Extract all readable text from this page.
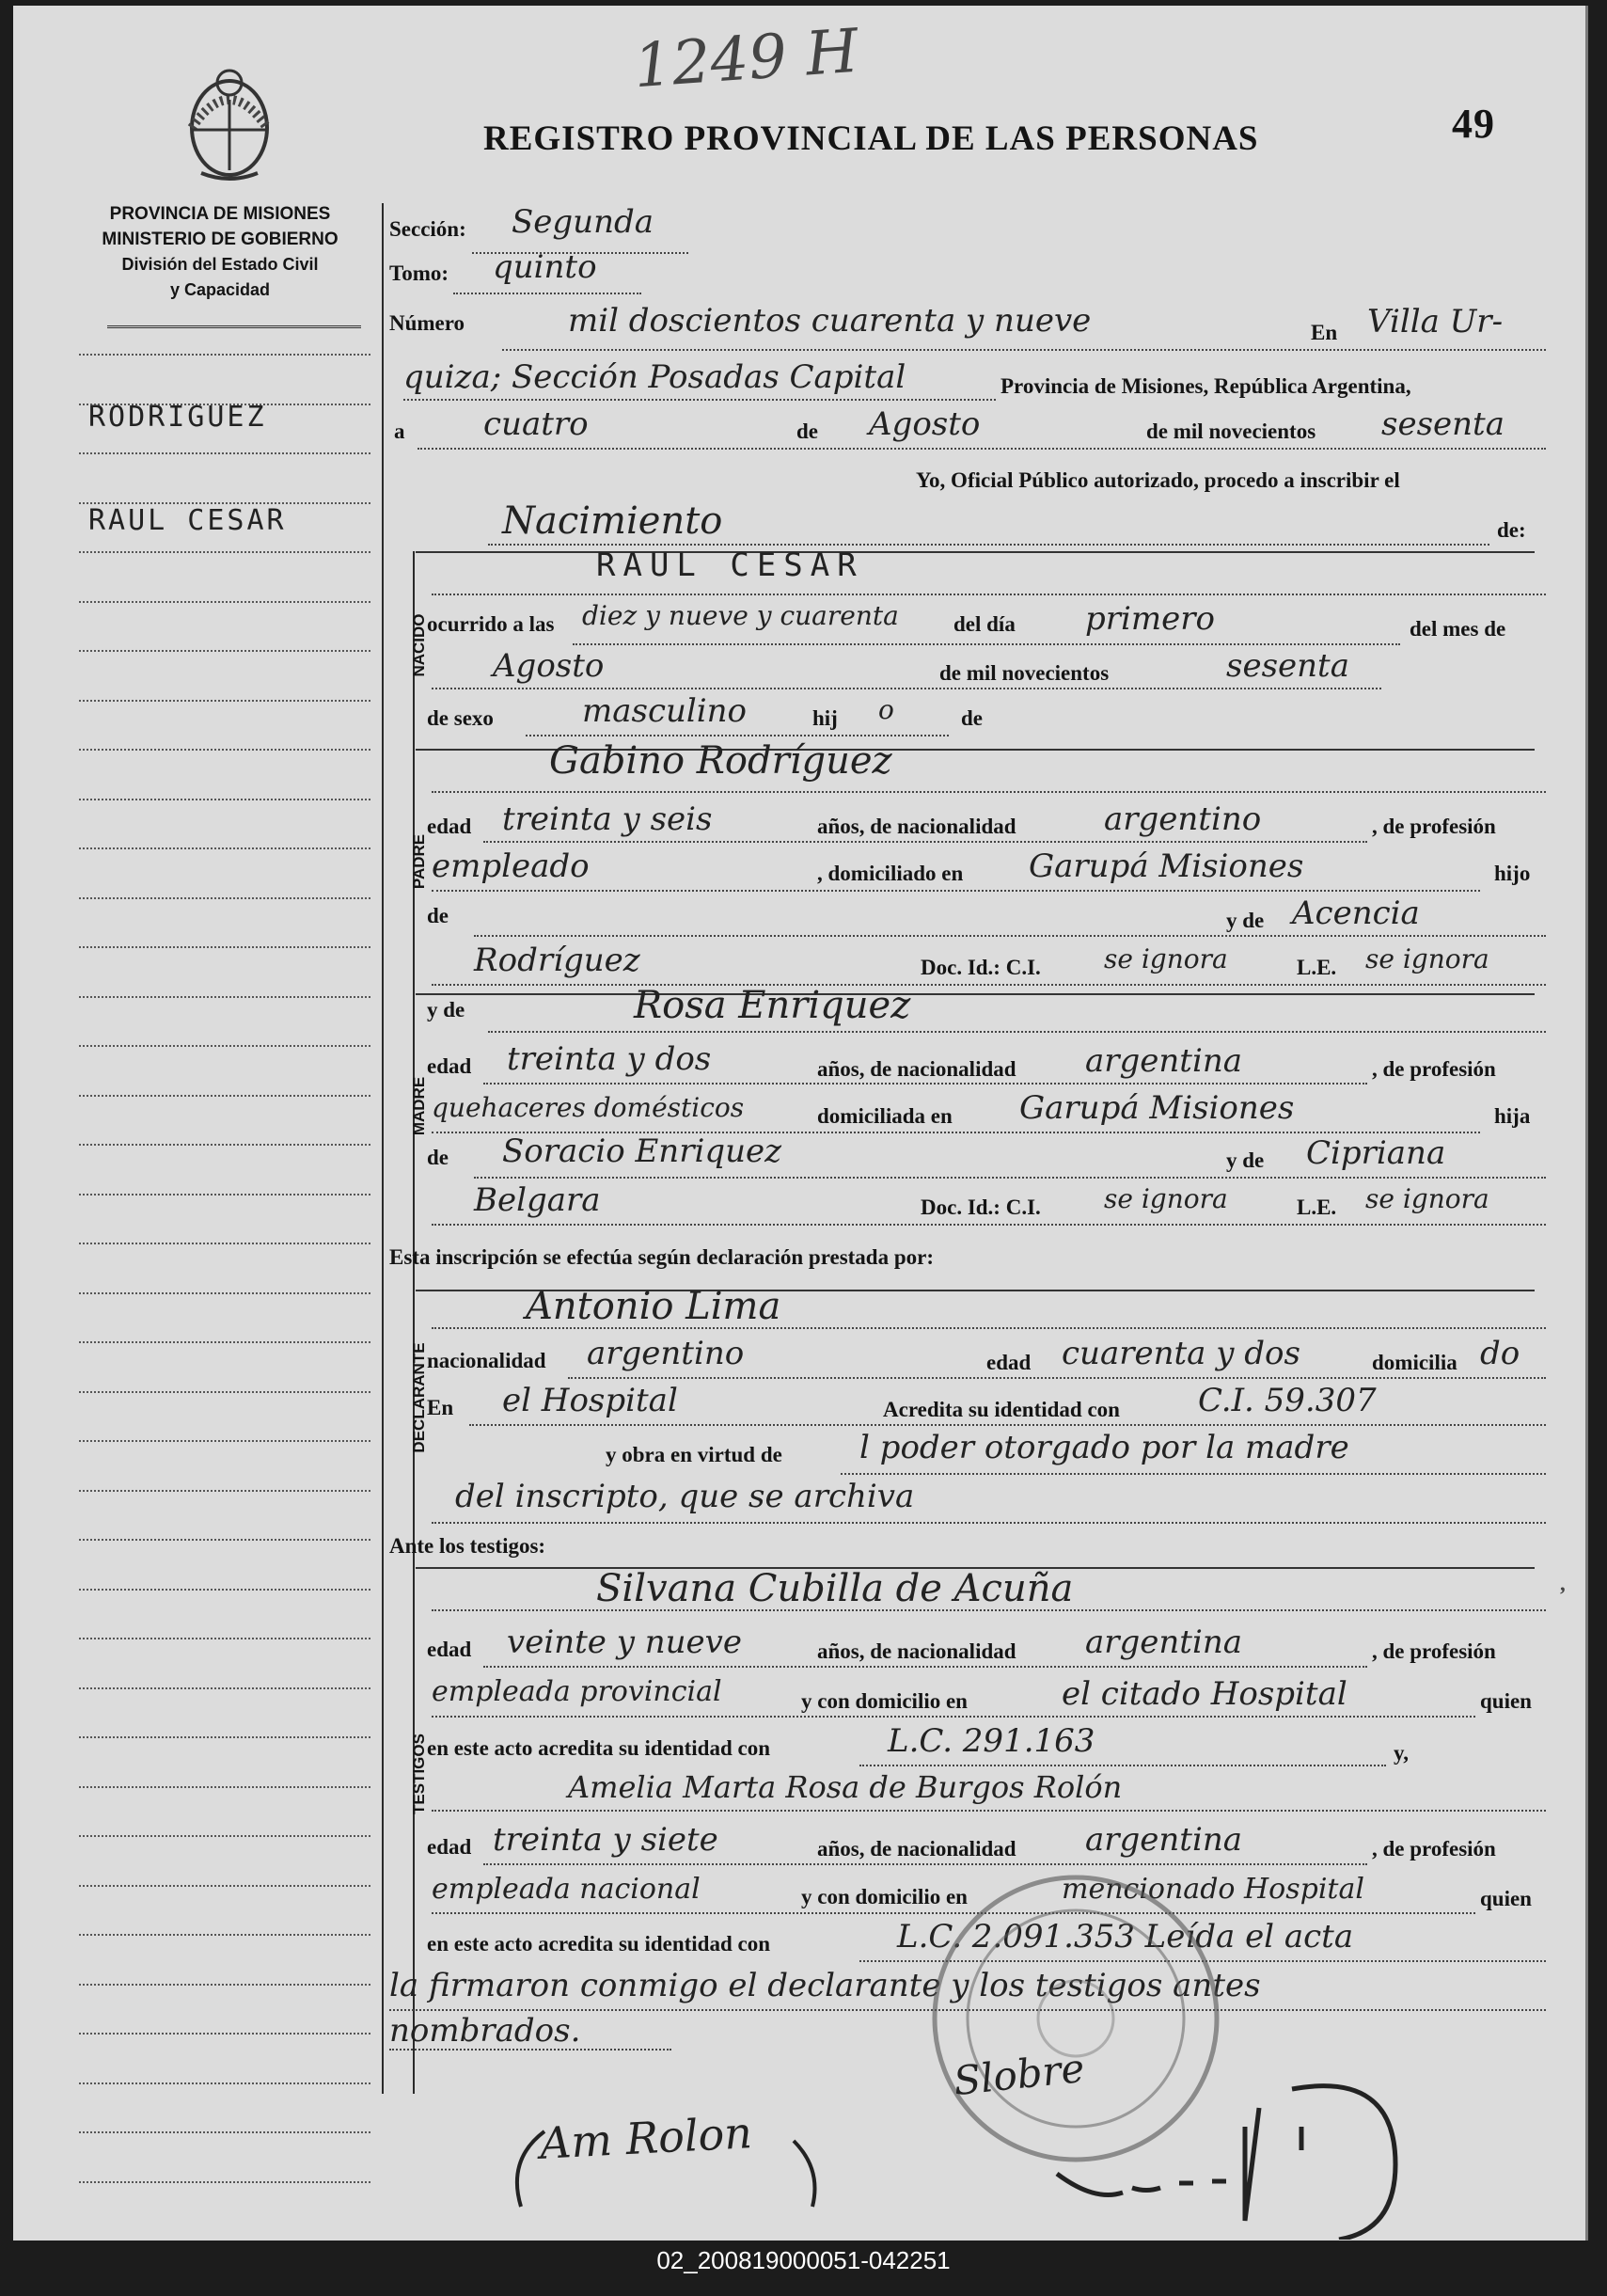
1249 H
REGISTRO PROVINCIAL DE LAS PERSONAS	49
PROVINCIA DE MISIONES
MINISTERIO DE GOBIERNO
División del Estado Civil
y Capacidad
RODRIGUEZ
RAUL CESAR
NACIDO
PADRE
MADRE
DECLARANTE
TESTIGOS
Sección: Segunda
Tomo: quinto
Número	mil doscientos cuarenta y nueve	En Villa Ur-
quiza; Sección Posadas Capital	Provincia de Misiones, República Argentina,
a cuatro	de Agosto	de mil novecientos sesenta
Yo, Oficial Público autorizado, procedo a inscribir el
Nacimiento	de:
RAUL CESAR
ocurrido a las diez y nueve y cuarenta	del día primero	del mes de
Agosto	de mil novecientos	sesenta
de sexo	masculino	hij o	de
Gabino Rodríguez
edad treinta y seis	años, de nacionalidad	argentino	, de profesión
empleado	, domiciliado en Garupá Misiones	hijo
de	y de Acencia
Rodríguez	Doc. Id.: C.I. se ignora	L.E. se ignora
y de	Rosa Enriquez
edad treinta y dos	años, de nacionalidad argentina	, de profesión
quehaceres domésticos	domiciliada en Garupá Misiones	hija
de Soracio Enriquez	y de Cipriana
Belgara	Doc. Id.: C.I. se ignora	L.E. se ignora
Esta inscripción se efectúa según declaración prestada por:
Antonio Lima
nacionalidad argentino	edad cuarenta y dos	domicilia do
En el Hospital	Acredita su identidad con C.I. 59.307
y obra en virtud de l poder otorgado por la madre
del inscripto, que se archiva
Ante los testigos:
Silvana Cubilla de Acuña
edad veinte y nueve	años, de nacionalidad argentina	, de profesión
empleada provincial	y con domicilio en	el citado Hospital	quien
en este acto acredita su identidad con	L.C. 291.163	y,
Amelia Marta Rosa de Burgos Rolón
edad treinta y siete	años, de nacionalidad argentina	, de profesión
empleada nacional	y con domicilio en	mencionado Hospital	quien
en este acto acredita su identidad con	L.C. 2.091.353 Leída el acta
la firmaron conmigo el declarante y los testigos antes
nombrados.
Slobre
Am Rolon
,
02_200819000051-042251
